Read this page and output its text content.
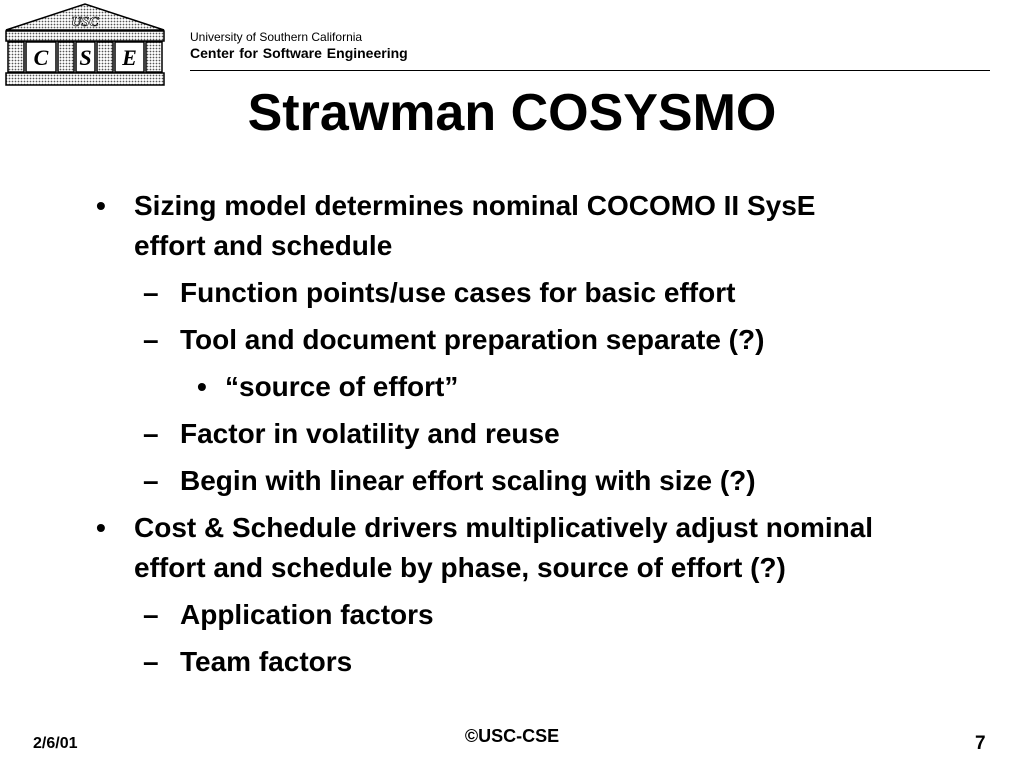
USC
C S E
University of Southern California
Center for Software Engineering
Strawman COSYSMO
• Sizing model determines nominal COCOMO II SysE
effort and schedule
– Function points/use cases for basic effort
– Tool and document preparation separate (?)
• “source of effort”
– Factor in volatility and reuse
– Begin with linear effort scaling with size (?)
• Cost & Schedule drivers multiplicatively adjust nominal
effort and schedule by phase, source of effort (?)
– Application factors
– Team factors
2/6/01	©USC-CSE	7
